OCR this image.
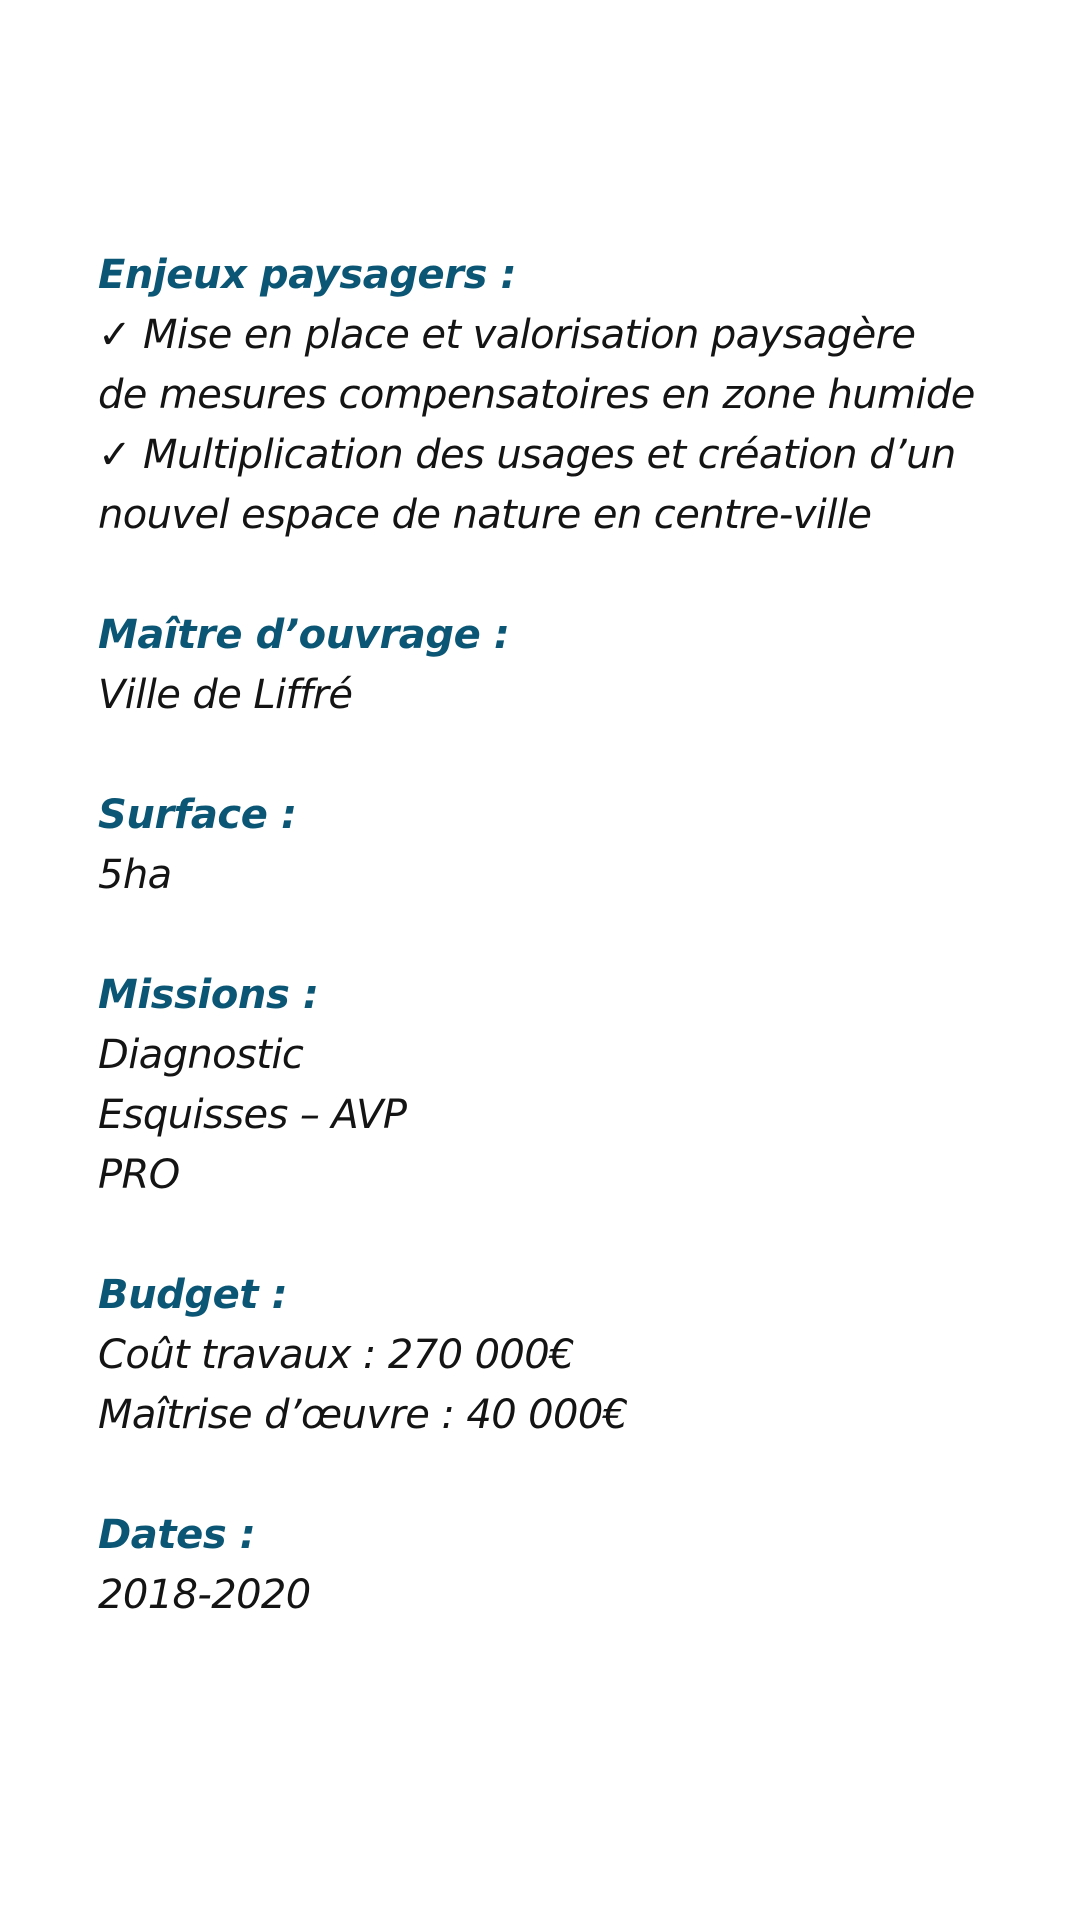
Enjeux paysagers :
✓ Mise en place et valorisation paysagère
de mesures compensatoires en zone humide
✓ Multiplication des usages et création d’un
nouvel espace de nature en centre-ville
Maître d’ouvrage :
Ville de Liffré
Surface :
5ha
Missions :
Diagnostic
Esquisses – AVP
PRO
Budget :
Coût travaux : 270 000€
Maîtrise d’œuvre : 40 000€
Dates :
2018-2020
